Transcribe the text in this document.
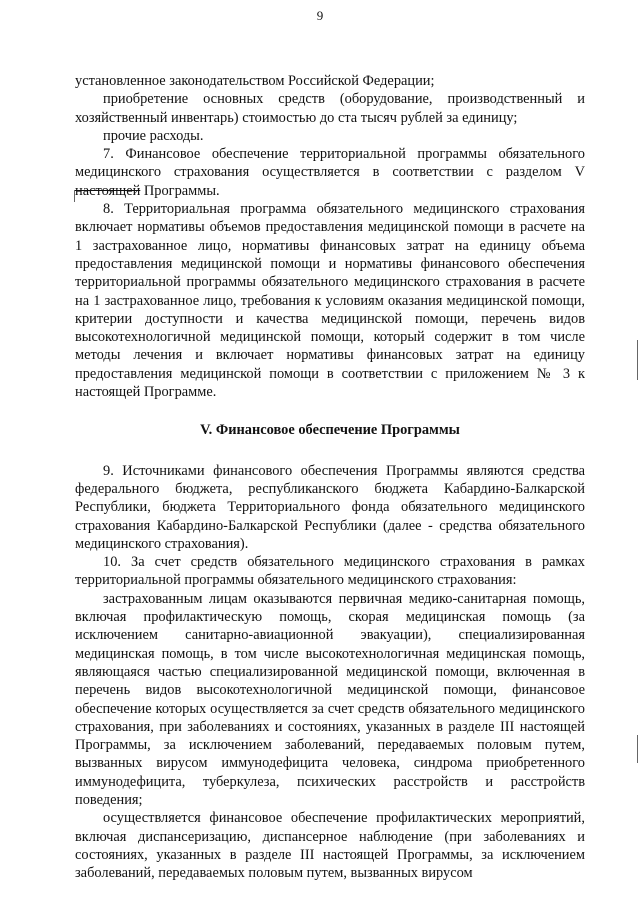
9

установленное законодательством Российской Федерации;

приобретение основных средств (оборудование, производственный и хозяйственный инвентарь) стоимостью до ста тысяч рублей за единицу;

прочие расходы.

7. Финансовое обеспечение территориальной программы обязательного медицинского страхования осуществляется в соответствии с разделом V настоящей Программы.

8. Территориальная программа обязательного медицинского страхования включает нормативы объемов предоставления медицинской помощи в расчете на 1 застрахованное лицо, нормативы финансовых затрат на единицу объема предоставления медицинской помощи и нормативы финансового обеспечения территориальной программы обязательного медицинского страхования в расчете на 1 застрахованное лицо, требования к условиям оказания медицинской помощи, критерии доступности и качества медицинской помощи, перечень видов высокотехнологичной медицинской помощи, который содержит в том числе методы лечения и включает нормативы финансовых затрат на единицу предоставления медицинской помощи в соответствии с приложением № 3 к настоящей Программе.

V. Финансовое обеспечение Программы

9. Источниками финансового обеспечения Программы являются средства федерального бюджета, республиканского бюджета Кабардино-Балкарской Республики, бюджета Территориального фонда обязательного медицинского страхования Кабардино-Балкарской Республики (далее - средства обязательного медицинского страхования).

10. За счет средств обязательного медицинского страхования в рамках территориальной программы обязательного медицинского страхования:

застрахованным лицам оказываются первичная медико-санитарная помощь, включая профилактическую помощь, скорая медицинская помощь (за исключением санитарно-авиационной эвакуации), специализированная медицинская помощь, в том числе высокотехнологичная медицинская помощь, являющаяся частью специализированной медицинской помощи, включенная в перечень видов высокотехнологичной медицинской помощи, финансовое обеспечение которых осуществляется за счет средств обязательного медицинского страхования, при заболеваниях и состояниях, указанных в разделе III настоящей Программы, за исключением заболеваний, передаваемых половым путем, вызванных вирусом иммунодефицита человека, синдрома приобретенного иммунодефицита, туберкулеза, психических расстройств и расстройств поведения;

осуществляется финансовое обеспечение профилактических мероприятий, включая диспансеризацию, диспансерное наблюдение (при заболеваниях и состояниях, указанных в разделе III настоящей Программы, за исключением заболеваний, передаваемых половым путем, вызванных вирусом
